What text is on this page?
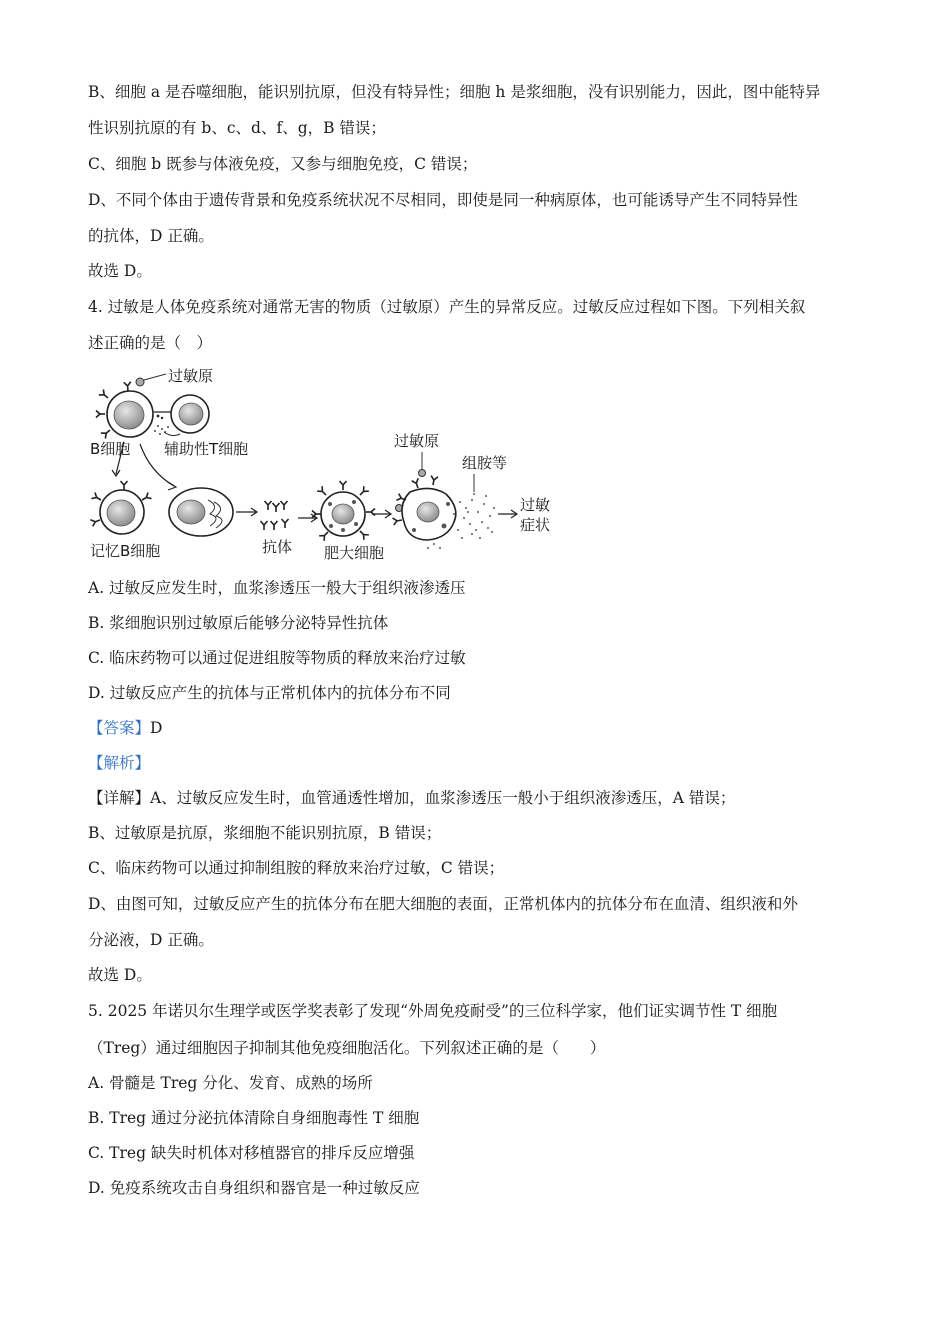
B、细胞 a 是吞噬细胞，能识别抗原，但没有特异性；细胞 h 是浆细胞，没有识别能力，因此，图中能特异

性识别抗原的有 b、c、d、f、g，B 错误；

C、细胞 b 既参与体液免疫，又参与细胞免疫，C 错误；

D、不同个体由于遗传背景和免疫系统状况不尽相同，即使是同一种病原体，也可能诱导产生不同特异性

的抗体，D 正确。

故选 D。

4. 过敏是人体免疫系统对通常无害的物质（过敏原）产生的异常反应。过敏反应过程如下图。下列相关叙

述正确的是（　）

过敏原
B细胞 辅助性T细胞
记忆B细胞	抗体 肥大细胞
过敏原
组胺等
过敏
症状

A. 过敏反应发生时，血浆渗透压一般大于组织液渗透压

B. 浆细胞识别过敏原后能够分泌特异性抗体

C. 临床药物可以通过促进组胺等物质的释放来治疗过敏

D. 过敏反应产生的抗体与正常机体内的抗体分布不同

【答案】D

【解析】

【详解】A、过敏反应发生时，血管通透性增加，血浆渗透压一般小于组织液渗透压，A 错误；

B、过敏原是抗原，浆细胞不能识别抗原，B 错误；

C、临床药物可以通过抑制组胺的释放来治疗过敏，C 错误；

D、由图可知，过敏反应产生的抗体分布在肥大细胞的表面，正常机体内的抗体分布在血清、组织液和外

分泌液，D 正确。

故选 D。

5. 2025 年诺贝尔生理学或医学奖表彰了发现“外周免疫耐受”的三位科学家，他们证实调节性 T 细胞

（Treg）通过细胞因子抑制其他免疫细胞活化。下列叙述正确的是（　　）

A. 骨髓是 Treg 分化、发育、成熟的场所

B. Treg 通过分泌抗体清除自身细胞毒性 T 细胞

C. Treg 缺失时机体对移植器官的排斥反应增强

D. 免疫系统攻击自身组织和器官是一种过敏反应
